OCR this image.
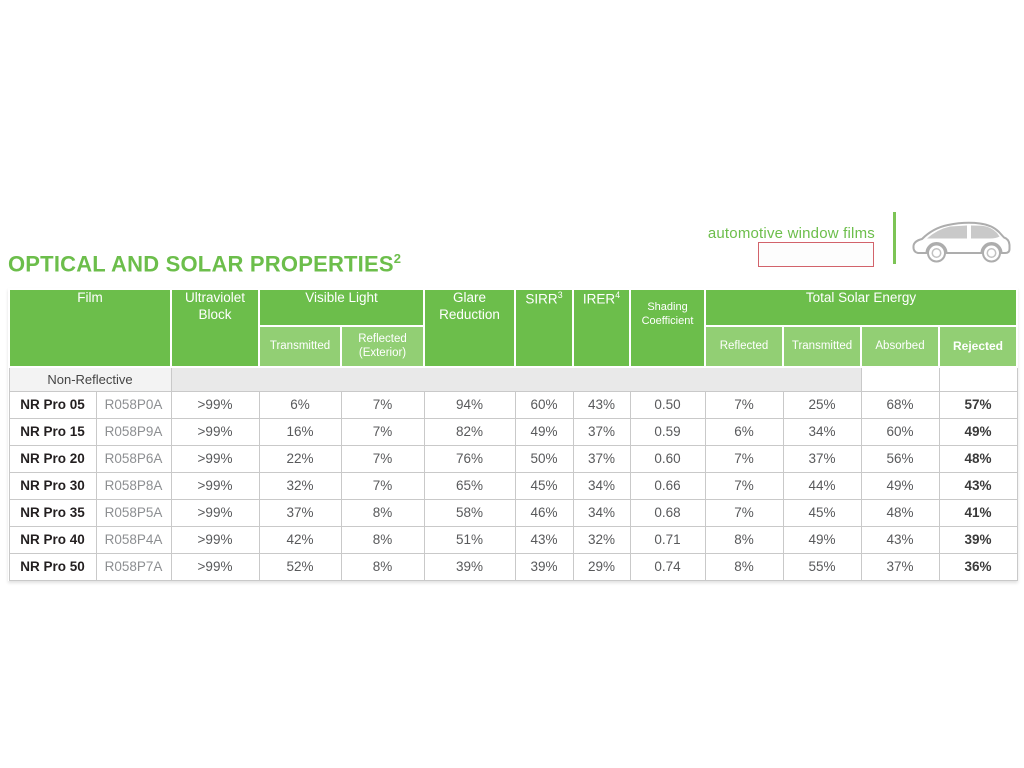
automotive window films
OPTICAL AND SOLAR PROPERTIES$^2$
Film		Ultraviolet Block	Visible Light		Glare Reduction	SIRR$^3$	IRER$^4$	Shading Coefficient	Total Solar Energy			
			Transmitted	Reflected (Exterior)					Reflected	Transmitted	Absorbed	Rejected
Non-Reflective												
NR Pro 05	R058P0A	>99%	6%	7%	94%	60%	43%	0.50	7%	25%	68%	57%
NR Pro 15	R058P9A	>99%	16%	7%	82%	49%	37%	0.59	6%	34%	60%	49%
NR Pro 20	R058P6A	>99%	22%	7%	76%	50%	37%	0.60	7%	37%	56%	48%
NR Pro 30	R058P8A	>99%	32%	7%	65%	45%	34%	0.66	7%	44%	49%	43%
NR Pro 35	R058P5A	>99%	37%	8%	58%	46%	34%	0.68	7%	45%	48%	41%
NR Pro 40	R058P4A	>99%	42%	8%	51%	43%	32%	0.71	8%	49%	43%	39%
NR Pro 50	R058P7A	>99%	52%	8%	39%	39%	29%	0.74	8%	55%	37%	36%
